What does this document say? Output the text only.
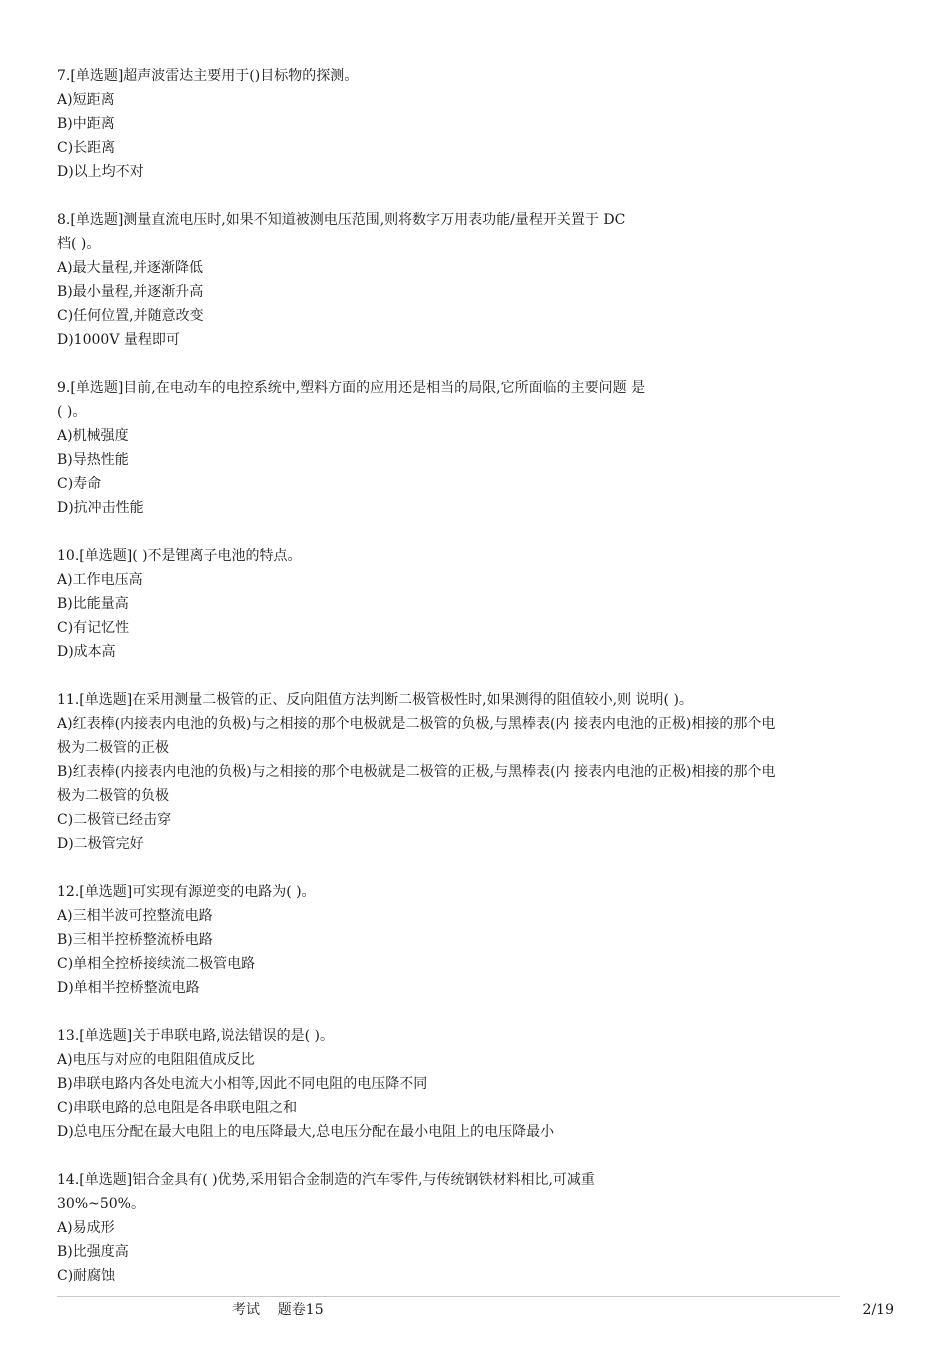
7.[单选题]超声波雷达主要用于()目标物的探测。
A)短距离
B)中距离
C)长距离
D)以上均不对
8.[单选题]测量直流电压时,如果不知道被测电压范围,则将数字万用表功能/量程开关置于 DC
档( )。
A)最大量程,并逐渐降低
B)最小量程,并逐渐升高
C)任何位置,并随意改变
D)1000V 量程即可
9.[单选题]目前,在电动车的电控系统中,塑料方面的应用还是相当的局限,它所面临的主要问题 是
( )。
A)机械强度
B)导热性能
C)寿命
D)抗冲击性能
10.[单选题]( )不是锂离子电池的特点。
A)工作电压高
B)比能量高
C)有记忆性
D)成本高
11.[单选题]在采用测量二极管的正、反向阻值方法判断二极管极性时,如果测得的阻值较小,则 说明( )。
A)红表棒(内接表内电池的负极)与之相接的那个电极就是二极管的负极,与黑棒表(内 接表内电池的正极)相接的那个电
极为二极管的正极
B)红表棒(内接表内电池的负极)与之相接的那个电极就是二极管的正极,与黑棒表(内 接表内电池的正极)相接的那个电
极为二极管的负极
C)二极管已经击穿
D)二极管完好
12.[单选题]可实现有源逆变的电路为( )。
A)三相半波可控整流电路
B)三相半控桥整流桥电路
C)单相全控桥接续流二极管电路
D)单相半控桥整流电路
13.[单选题]关于串联电路,说法错误的是( )。
A)电压与对应的电阻阻值成反比
B)串联电路内各处电流大小相等,因此不同电阻的电压降不同
C)串联电路的总电阻是各串联电阻之和
D)总电压分配在最大电阻上的电压降最大,总电压分配在最小电阻上的电压降最小
14.[单选题]铝合金具有( )优势,采用铝合金制造的汽车零件,与传统钢铁材料相比,可减重
30%~50%。
A)易成形
B)比强度高
C)耐腐蚀
考试    题卷15	2/19
